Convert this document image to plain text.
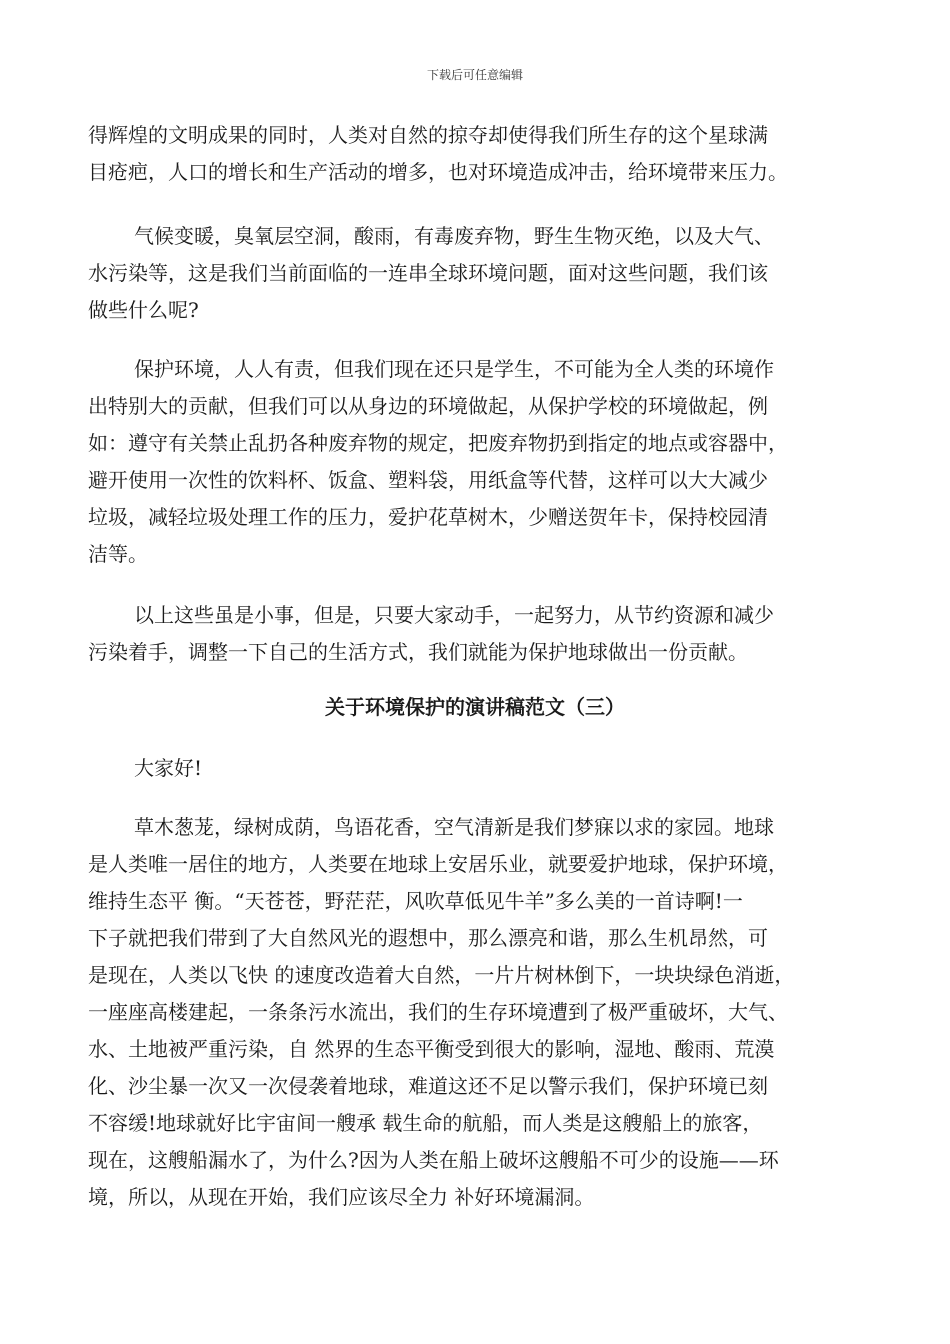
下载后可任意编辑
得辉煌的文明成果的同时，人类对自然的掠夺却使得我们所生存的这个星球满
目疮疤，人口的增长和生产活动的增多，也对环境造成冲击，给环境带来压力。
气候变暖，臭氧层空洞，酸雨，有毒废弃物，野生生物灭绝，以及大气、
水污染等，这是我们当前面临的一连串全球环境问题，面对这些问题，我们该
做些什么呢?
保护环境，人人有责，但我们现在还只是学生，不可能为全人类的环境作
出特别大的贡献，但我们可以从身边的环境做起，从保护学校的环境做起，例
如：遵守有关禁止乱扔各种废弃物的规定，把废弃物扔到指定的地点或容器中，
避开使用一次性的饮料杯、饭盒、塑料袋，用纸盒等代替，这样可以大大减少
垃圾，减轻垃圾处理工作的压力，爱护花草树木，少赠送贺年卡，保持校园清
洁等。
以上这些虽是小事，但是，只要大家动手，一起努力，从节约资源和减少
污染着手，调整一下自己的生活方式，我们就能为保护地球做出一份贡献。
关于环境保护的演讲稿范文（三）
大家好!
草木葱茏，绿树成荫，鸟语花香，空气清新是我们梦寐以求的家园。地球
是人类唯一居住的地方，人类要在地球上安居乐业，就要爱护地球，保护环境，
维持生态平 衡。“天苍苍，野茫茫，风吹草低见牛羊”多么美的一首诗啊!一
下子就把我们带到了大自然风光的遐想中，那么漂亮和谐，那么生机昂然，可
是现在，人类以飞快 的速度改造着大自然，一片片树林倒下，一块块绿色消逝，
一座座高楼建起，一条条污水流出，我们的生存环境遭到了极严重破坏，大气、
水、土地被严重污染，自 然界的生态平衡受到很大的影响，湿地、酸雨、荒漠
化、沙尘暴一次又一次侵袭着地球，难道这还不足以警示我们，保护环境已刻
不容缓!地球就好比宇宙间一艘承 载生命的航船，而人类是这艘船上的旅客，
现在，这艘船漏水了，为什么?因为人类在船上破坏这艘船不可少的设施——环
境，所以，从现在开始，我们应该尽全力 补好环境漏洞。
